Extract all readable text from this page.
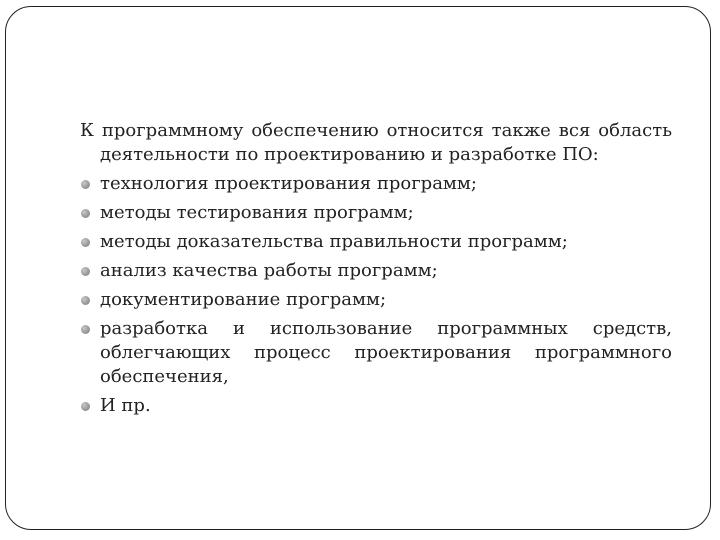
К программному обеспечению относится также вся область деятельности по проектированию и разработке ПО:

технология проектирования программ;
методы тестирования программ;
методы доказательства правильности программ;
анализ качества работы программ;
документирование программ;
разработка и использование программных средств, облегчающих процесс проектирования программного обеспечения,
И пр.
